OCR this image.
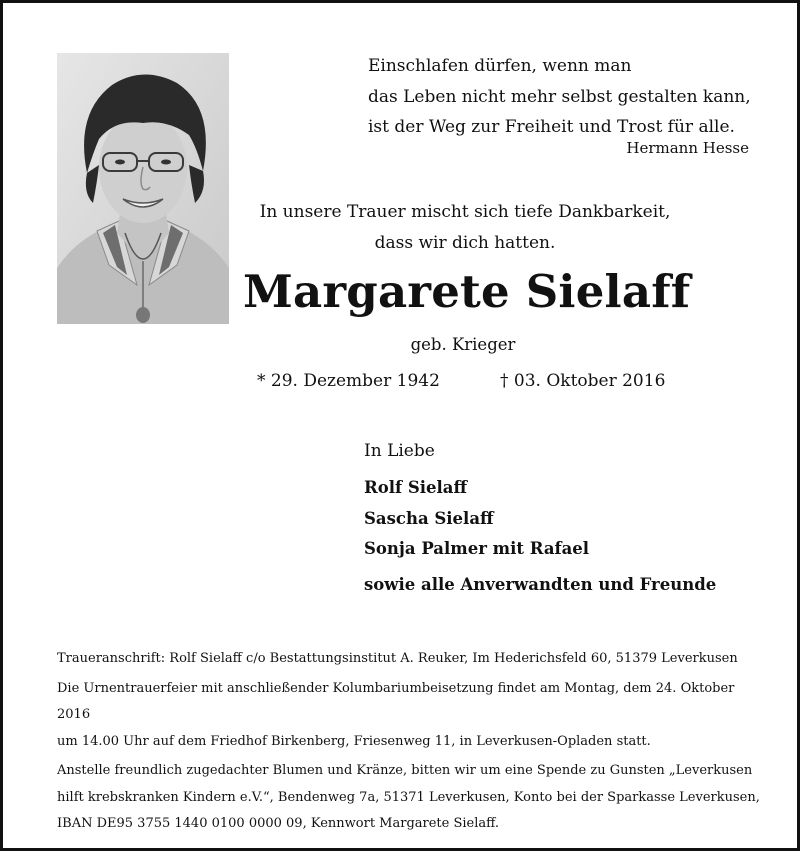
Einschlafen dürfen, wenn man
das Leben nicht mehr selbst gestalten kann,
ist der Weg zur Freiheit und Trost für alle.
Hermann Hesse
In unsere Trauer mischt sich tiefe Dankbarkeit,
dass wir dich hatten.
Margarete Sielaff
geb. Krieger
* 29. Dezember 1942	† 03. Oktober 2016
In Liebe
Rolf Sielaff
Sascha Sielaff
Sonja Palmer mit Rafael
sowie alle Anverwandten und Freunde

Traueranschrift: Rolf Sielaff c/o Bestattungsinstitut A. Reuker, Im Hederichsfeld 60, 51379 Leverkusen

Die Urnentrauerfeier mit anschließender Kolumbariumbeisetzung findet am Montag, dem 24. Oktober 2016
um 14.00 Uhr auf dem Friedhof Birkenberg, Friesenweg 11, in Leverkusen-Opladen statt.

Anstelle freundlich zugedachter Blumen und Kränze, bitten wir um eine Spende zu Gunsten „Leverkusen
hilft krebskranken Kindern e.V.“, Bendenweg 7a, 51371 Leverkusen, Konto bei der Sparkasse Leverkusen,
IBAN DE95 3755 1440 0100 0000 09, Kennwort Margarete Sielaff.
